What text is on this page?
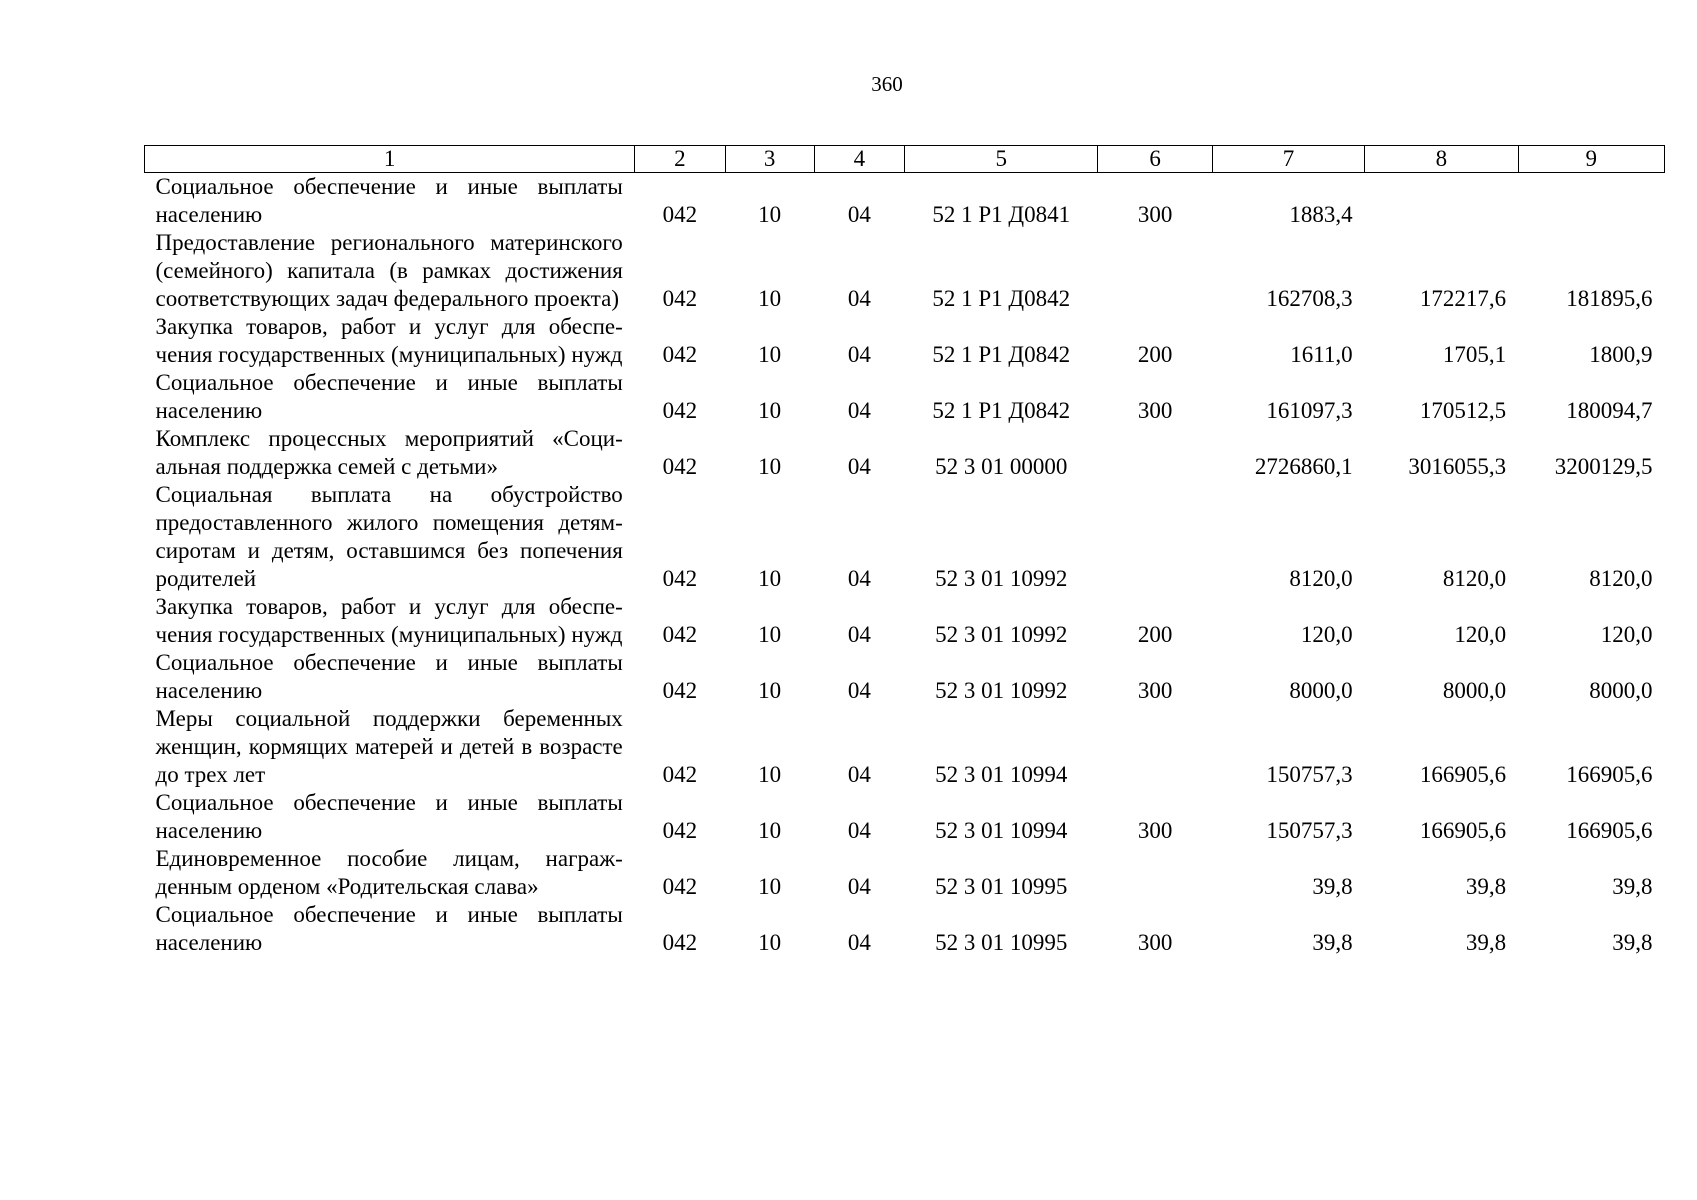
360
1	2	3	4	5	6	7	8	9
Социальное обеспечение и иные выплаты населению	042	10	04	52 1 Р1 Д0841	300	1883,4		
Предоставление регионального материнского (семейного) капитала (в рамках достижения соответствующих задач федерального проекта)	042	10	04	52 1 Р1 Д0842		162708,3	172217,6	181895,6
Закупка товаров, работ и услуг для обеспечения государственных (муниципальных) нужд	042	10	04	52 1 Р1 Д0842	200	1611,0	1705,1	1800,9
Социальное обеспечение и иные выплаты населению	042	10	04	52 1 Р1 Д0842	300	161097,3	170512,5	180094,7
Комплекс процессных мероприятий «Социальная поддержка семей с детьми»	042	10	04	52 3 01 00000		2726860,1	3016055,3	3200129,5
Социальная выплата на обустройство предоставленного жилого помещения детям-сиротам и детям, оставшимся без попечения родителей	042	10	04	52 3 01 10992		8120,0	8120,0	8120,0
Закупка товаров, работ и услуг для обеспечения государственных (муниципальных) нужд	042	10	04	52 3 01 10992	200	120,0	120,0	120,0
Социальное обеспечение и иные выплаты населению	042	10	04	52 3 01 10992	300	8000,0	8000,0	8000,0
Меры социальной поддержки беременных женщин, кормящих матерей и детей в возрасте до трех лет	042	10	04	52 3 01 10994		150757,3	166905,6	166905,6
Социальное обеспечение и иные выплаты населению	042	10	04	52 3 01 10994	300	150757,3	166905,6	166905,6
Единовременное пособие лицам, награжденным орденом «Родительская слава»	042	10	04	52 3 01 10995		39,8	39,8	39,8
Социальное обеспечение и иные выплаты населению	042	10	04	52 3 01 10995	300	39,8	39,8	39,8
